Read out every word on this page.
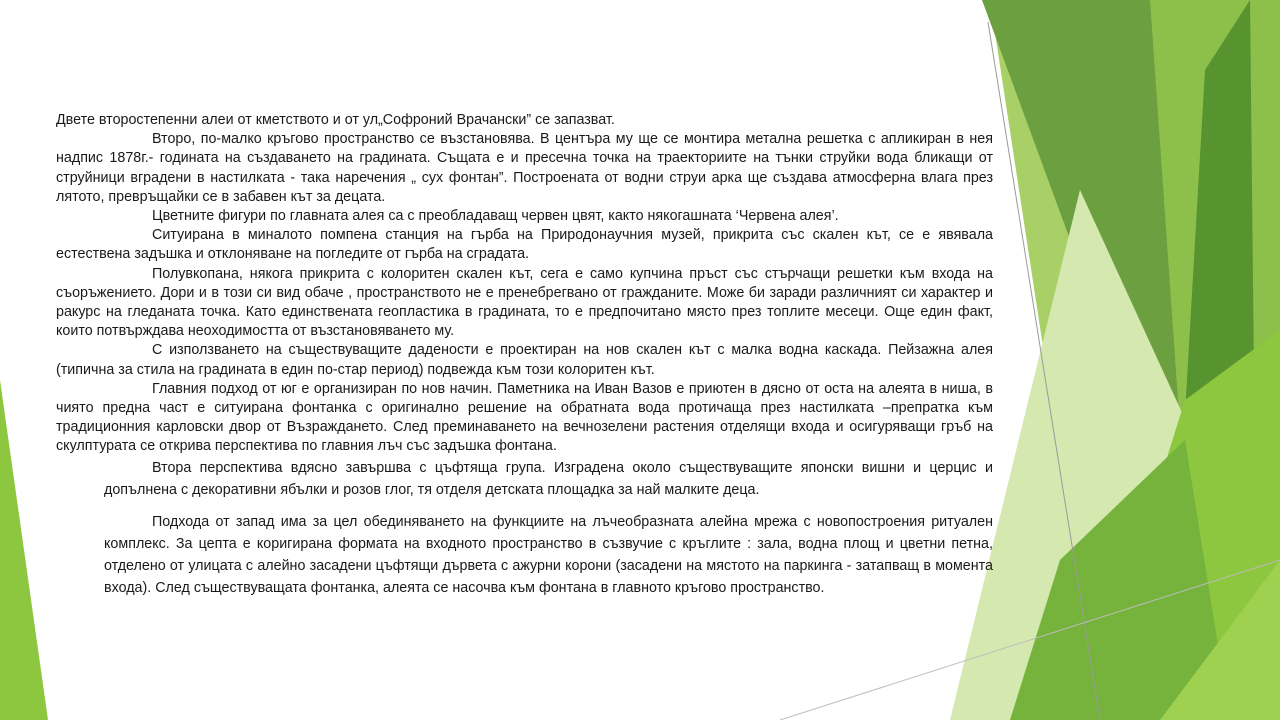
Двете второстепенни алеи от кметството и от ул„Софроний Врачански” се запазват.

Второ, по-малко кръгово пространство се възстановява. В центъра му ще се монтира метална решетка с апликиран в нея надпис 1878г.- годината на създаването на градината. Същата е и пресечна точка на траекториите на тънки струйки вода бликащи от струйници вградени в настилката - така наречения „ сух фонтан”. Построената от водни струи арка ще създава атмосферна влага през лятото, превръщайки се в забавен кът за децата.

Цветните фигури по главната алея са с преобладаващ червен цвят, както някогашната ‘Червена алея’.

Ситуирана в миналото помпена станция на гърба на Природонаучния музей, прикрита със скален кът, се е явявала естествена задъшка и отклоняване на погледите от гърба на сградата.

Полувкопана, някога прикрита с колоритен скален кът, сега е само купчина пръст със стърчащи решетки към входа на съоръжението. Дори и в този си вид обаче , пространството не е пренебрегвано от гражданите. Може би заради различният си характер и ракурс на гледаната точка. Като единствената геопластика в градината, то е предпочитано място през топлите месеци. Още един факт, които потвърждава неоходимостта от възстановяването му.

С използването на съществуващите дадености е проектиран на нов скален кът с малка водна каскада. Пейзажна алея (типична за стила на градината в един по-стар период) подвежда към този колоритен кът.

Главния подход от юг е организиран по нов начин. Паметника на Иван Вазов е приютен в дясно от оста на алеята в ниша, в чиято предна част е ситуирана фонтанка с оригинално решение на обратната вода протичаща през настилката –препратка към традиционния карловски двор от Възраждането. След преминаването на вечнозелени растения отделящи входа и осигуряващи гръб на скулптурата се открива перспектива по главния лъч със задъшка фонтана.

Втора перспектива вдясно завършва с цъфтяща група. Изградена около съществуващите японски вишни и церцис и допълнена с декоративни ябълки и розов глог, тя отделя детската площадка за най малките деца.

Подхода от запад има за цел обединяването на функциите на лъчеобразната алейна мрежа с новопостроения ритуален комплекс. За цепта е коригирана формата на входното пространство в съзвучие с кръглите : зала, водна площ и цветни петна, отделено от улицата с алейно засадени цъфтящи дървета с ажурни корони (засадени на мястото на паркинга - затапващ в момента входа). След съществуващата фонтанка, алеята се насочва към фонтана в главното кръгово пространство.
